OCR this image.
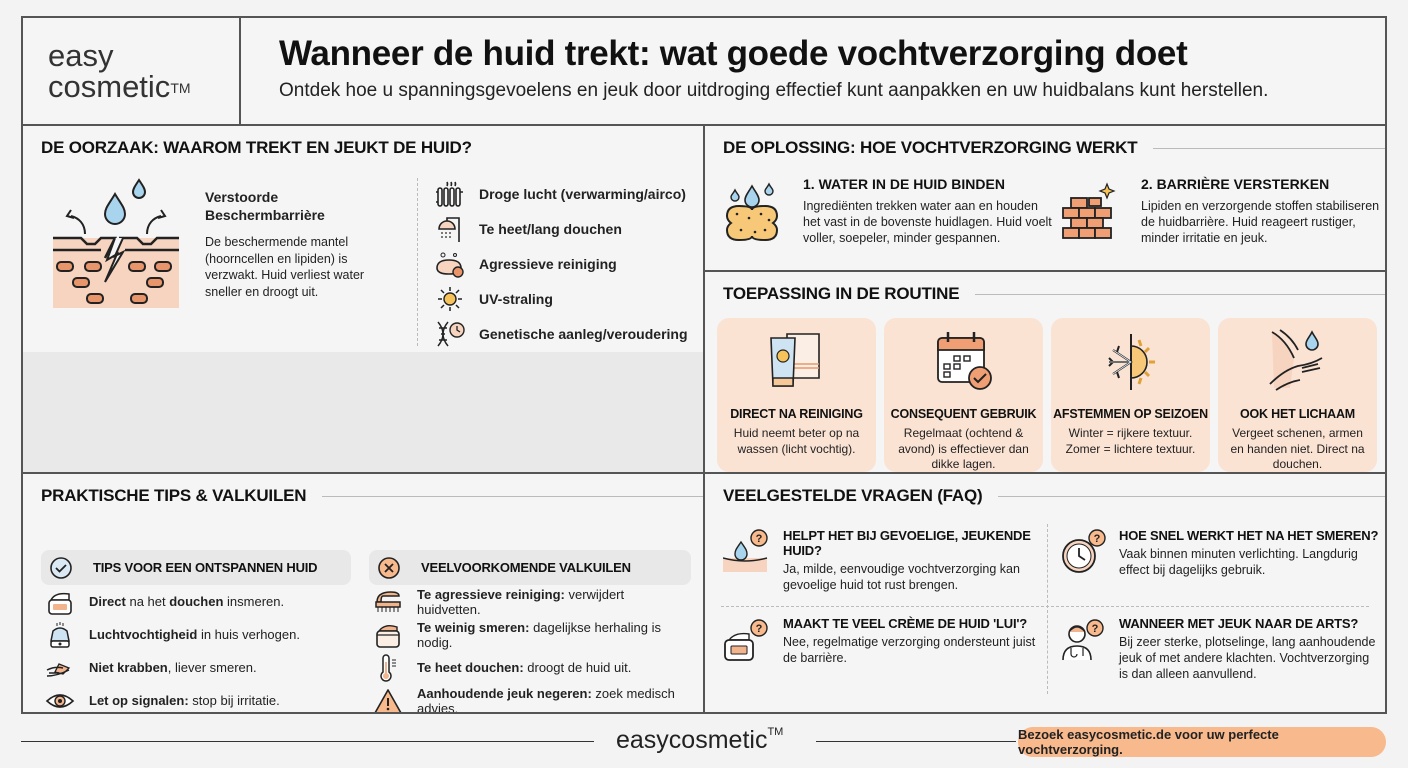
easy
cosmetic™
Wanneer de huid trekt: wat goede vochtverzorging doet

Ontdek hoe u spanningsgevoelens en jeuk door uitdroging effectief kunt aanpakken en uw huidbalans kunt herstellen.

DE OORZAAK: WAAROM TREKT EN JEUKT DE HUID?
Verstoorde Beschermbarrière

De beschermende mantel (hoorncellen en lipiden) is verzwakt. Huid verliest water sneller en droogt uit.

Droge lucht (verwarming/airco)
Te heet/lang douchen
Agressieve reiniging
UV-straling
Genetische aanleg/veroudering
DE OPLOSSING: HOE VOCHTVERZORGING WERKT
1. WATER IN DE HUID BINDEN

Ingrediënten trekken water aan en houden het vast in de bovenste huidlagen. Huid voelt voller, soepeler, minder gespannen.

2. BARRIÈRE VERSTERKEN

Lipiden en verzorgende stoffen stabiliseren de huidbarrière. Huid reageert rustiger, minder irritatie en jeuk.

TOEPASSING IN DE ROUTINE
DIRECT NA REINIGING

Huid neemt beter op na wassen (licht vochtig).

CONSEQUENT GEBRUIK

Regelmaat (ochtend & avond) is effectiever dan dikke lagen.

AFSTEMMEN OP SEIZOEN

Winter = rijkere textuur. Zomer = lichtere textuur.

OOK HET LICHAAM

Vergeet schenen, armen en handen niet. Direct na douchen.

PRAKTISCHE TIPS & VALKUILEN
TIPS VOOR EEN ONTSPANNEN HUID
Direct na het douchen insmeren.
Luchtvochtigheid in huis verhogen.
Niet krabben, liever smeren.
Let op signalen: stop bij irritatie.
VEELVOORKOMENDE VALKUILEN
Te agressieve reiniging: verwijdert huidvetten.
Te weinig smeren: dagelijkse herhaling is nodig.
Te heet douchen: droogt de huid uit.
Aanhoudende jeuk negeren: zoek medisch advies.
VEELGESTELDE VRAGEN (FAQ)
? HELPT HET BIJ GEVOELIGE, JEUKENDE HUID?

Ja, milde, eenvoudige vochtverzorging kan gevoelige huid tot rust brengen.

? HOE SNEL WERKT HET NA HET SMEREN?

Vaak binnen minuten verlichting. Langdurig effect bij dagelijks gebruik.

? MAAKT TE VEEL CRÈME DE HUID 'LUI'?

Nee, regelmatige verzorging ondersteunt juist de barrière.

? WANNEER MET JEUK NAAR DE ARTS?

Bij zeer sterke, plotselinge, lang aanhoudende jeuk of met andere klachten. Vochtverzorging is dan alleen aanvullend.

easycosmetic™	Bezoek easycosmetic.de voor uw perfecte vochtverzorging.
